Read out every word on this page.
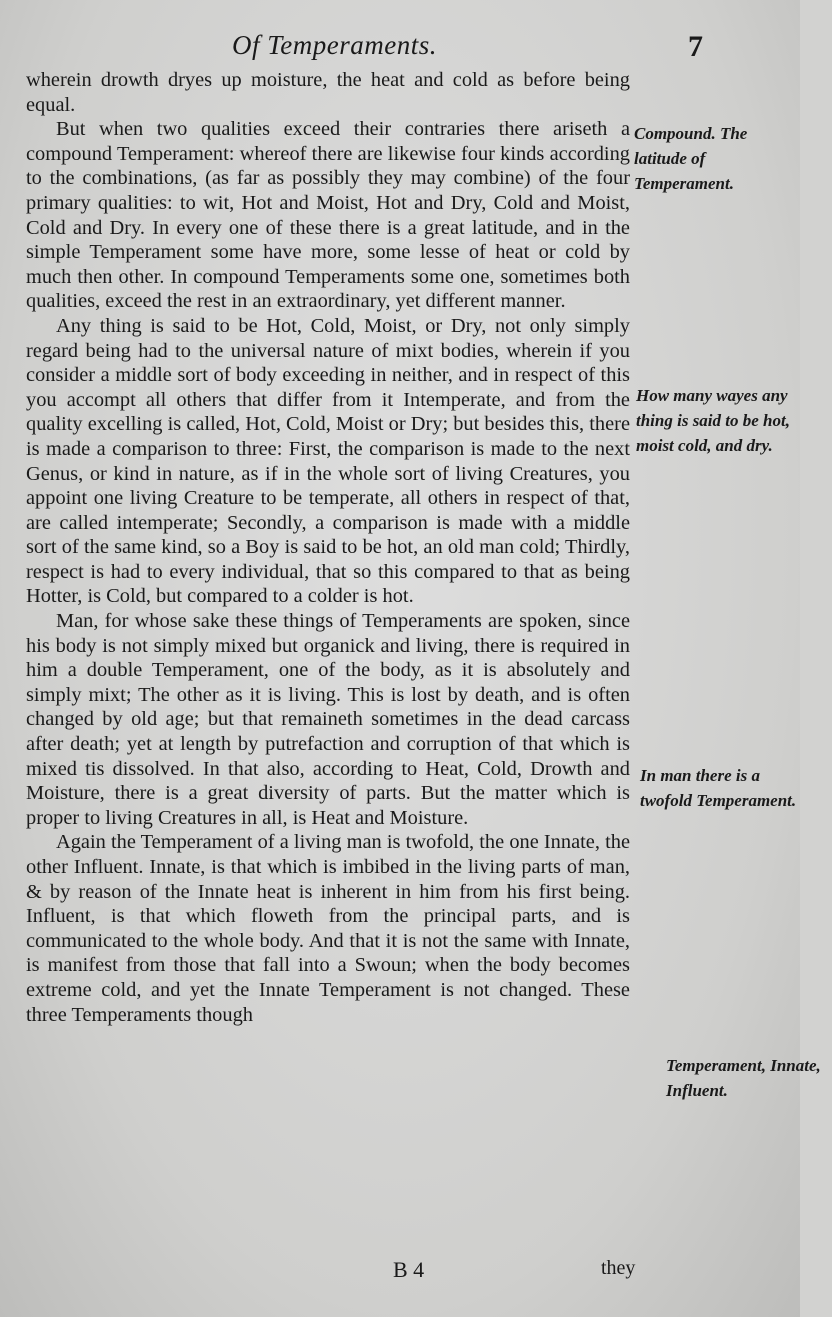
Of Temperaments.	7

wherein drowth dryes up moisture, the heat and cold as before being equal.

But when two qualities exceed their contraries there ariseth a compound Temperament: whereof there are likewise four kinds according to the combinations, (as far as possibly they may combine) of the four primary qualities: to wit, Hot and Moist, Hot and Dry, Cold and Moist, Cold and Dry. In every one of these there is a great latitude, and in the simple Temperament some have more, some lesse of heat or cold by much then other. In compound Temperaments some one, sometimes both qualities, exceed the rest in an extraordinary, yet different manner.

Any thing is said to be Hot, Cold, Moist, or Dry, not only simply regard being had to the universal nature of mixt bodies, wherein if you consider a middle sort of body exceeding in neither, and in respect of this you accompt all others that differ from it Intemperate, and from the quality excelling is called, Hot, Cold, Moist or Dry; but besides this, there is made a comparison to three: First, the comparison is made to the next Genus, or kind in nature, as if in the whole sort of living Creatures, you appoint one living Creature to be temperate, all others in respect of that, are called intemperate; Secondly, a comparison is made with a middle sort of the same kind, so a Boy is said to be hot, an old man cold; Thirdly, respect is had to every individual, that so this compared to that as being Hotter, is Cold, but compared to a colder is hot.

Man, for whose sake these things of Temperaments are spoken, since his body is not simply mixed but organick and living, there is required in him a double Temperament, one of the body, as it is absolutely and simply mixt; The other as it is living. This is lost by death, and is often changed by old age; but that remaineth sometimes in the dead carcass after death; yet at length by putrefaction and corruption of that which is mixed tis dissolved. In that also, according to Heat, Cold, Drowth and Moisture, there is a great diversity of parts. But the matter which is proper to living Creatures in all, is Heat and Moisture.

Again the Temperament of a living man is twofold, the one Innate, the other Influent. Innate, is that which is imbibed in the living parts of man, & by reason of the Innate heat is inherent in him from his first being. Influent, is that which floweth from the principal parts, and is communicated to the whole body. And that it is not the same with Innate, is manifest from those that fall into a Swoun; when the body becomes extreme cold, and yet the Innate Temperament is not changed. These three Temperaments though

Compound. The latitude of Temperament.
How many wayes any thing is said to be hot, moist cold, and dry.
In man there is a twofold Temperament.
Temperament, Innate, Influent.
B 4	they
